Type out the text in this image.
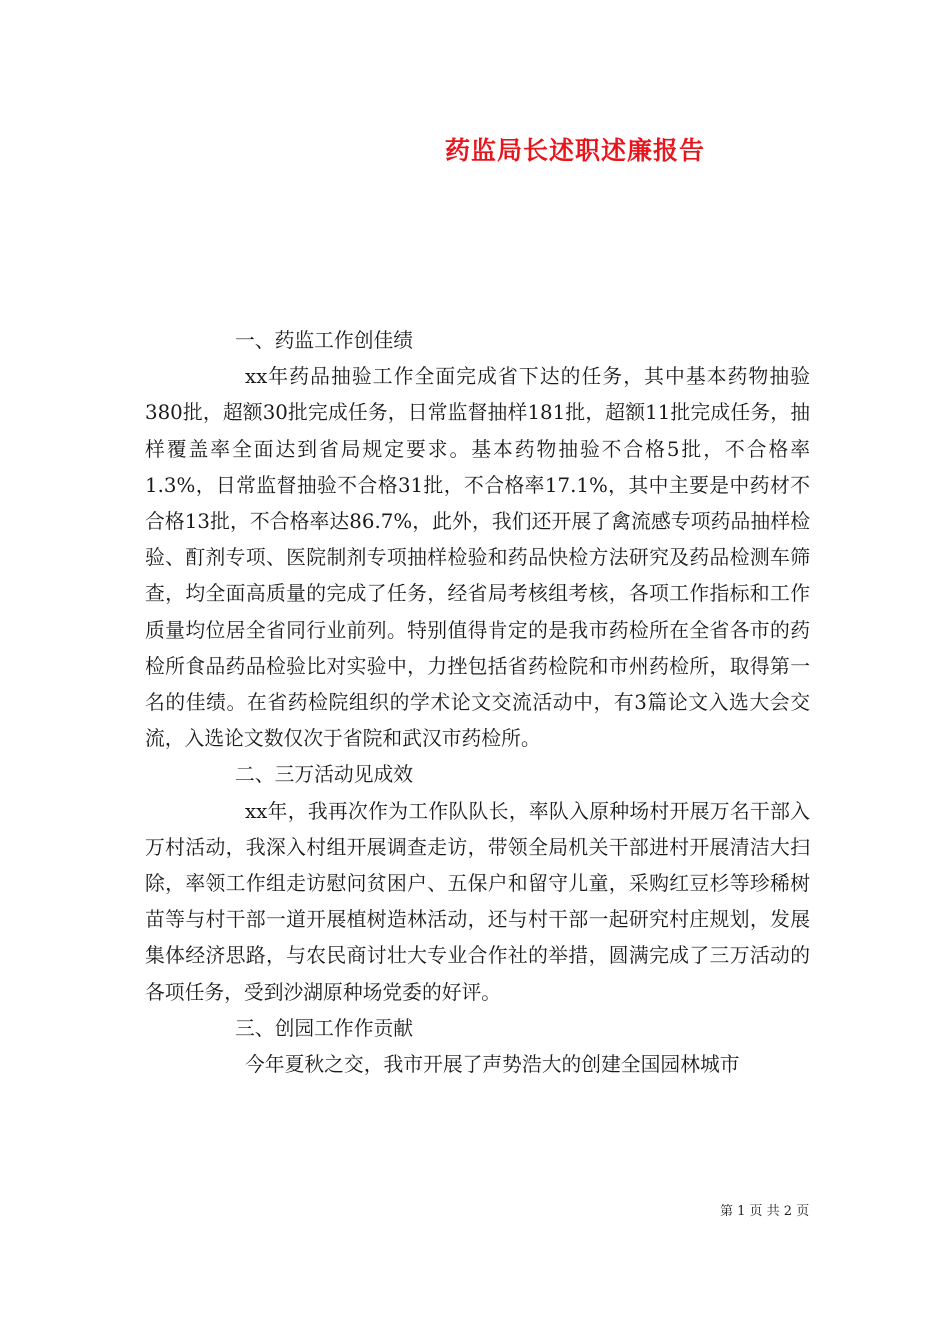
药监局长述职述廉报告

一、药监工作创佳绩

xx年药品抽验工作全面完成省下达的任务，其中基本药物抽验380批，超额30批完成任务，日常监督抽样181批，超额11批完成任务，抽样覆盖率全面达到省局规定要求。基本药物抽验不合格5批，不合格率1.3%，日常监督抽验不合格31批，不合格率17.1%，其中主要是中药材不合格13批，不合格率达86.7%，此外，我们还开展了禽流感专项药品抽样检验、酊剂专项、医院制剂专项抽样检验和药品快检方法研究及药品检测车筛查，均全面高质量的完成了任务，经省局考核组考核，各项工作指标和工作质量均位居全省同行业前列。特别值得肯定的是我市药检所在全省各市的药检所食品药品检验比对实验中，力挫包括省药检院和市州药检所，取得第一名的佳绩。在省药检院组织的学术论文交流活动中，有3篇论文入选大会交流，入选论文数仅次于省院和武汉市药检所。

二、三万活动见成效

xx年，我再次作为工作队队长，率队入原种场村开展万名干部入万村活动，我深入村组开展调查走访，带领全局机关干部进村开展清洁大扫除，率领工作组走访慰问贫困户、五保户和留守儿童，采购红豆杉等珍稀树苗等与村干部一道开展植树造林活动，还与村干部一起研究村庄规划，发展集体经济思路，与农民商讨壮大专业合作社的举措，圆满完成了三万活动的各项任务，受到沙湖原种场党委的好评。

三、创园工作作贡献

今年夏秋之交，我市开展了声势浩大的创建全国园林城市

第 1 页 共 2 页
